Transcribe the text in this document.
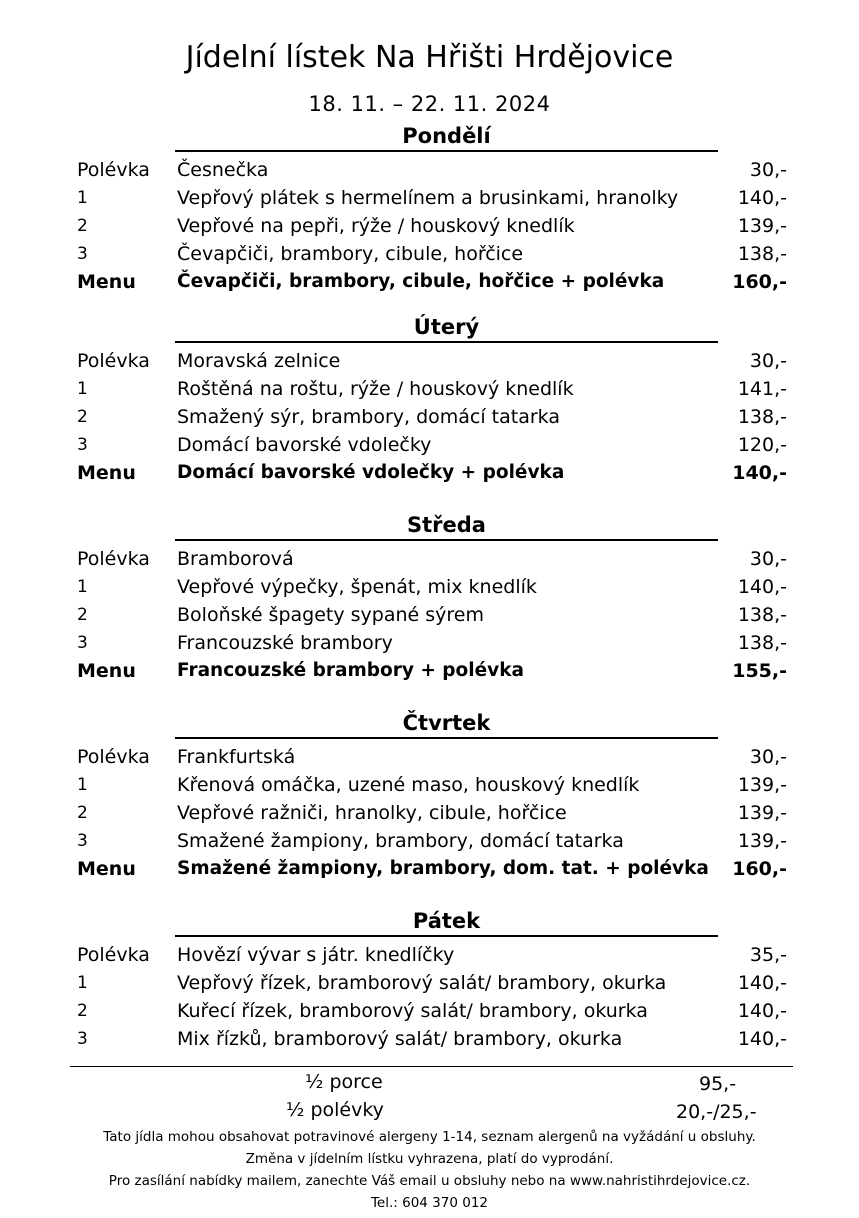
Jídelní lístek Na Hřišti Hrdějovice
18. 11. – 22. 11. 2024
Pondělí
Polévka Česnečka	30,-
1	Vepřový plátek s hermelínem a brusinkami, hranolky	140,-
2	Vepřové na pepři, rýže / houskový knedlík	139,-
3	Čevapčiči, brambory, cibule, hořčice	138,-
Menu Čevapčiči, brambory, cibule, hořčice + polévka	160,-
Úterý
Polévka Moravská zelnice	30,-
1	Roštěná na roštu, rýže / houskový knedlík	141,-
2	Smažený sýr, brambory, domácí tatarka	138,-
3	Domácí bavorské vdolečky	120,-
Menu Domácí bavorské vdolečky + polévka	140,-
Středa
Polévka Bramborová	30,-
1	Vepřové výpečky, špenát, mix knedlík	140,-
2	Boloňské špagety sypané sýrem	138,-
3	Francouzské brambory	138,-
Menu Francouzské brambory + polévka	155,-
Čtvrtek
Polévka Frankfurtská	30,-
1	Křenová omáčka, uzené maso, houskový knedlík	139,-
2	Vepřové ražniči, hranolky, cibule, hořčice	139,-
3	Smažené žampiony, brambory, domácí tatarka	139,-
Menu Smažené žampiony, brambory, dom. tat. + polévka 160,-
Pátek
Polévka Hovězí vývar s játr. knedlíčky	35,-
1	Vepřový řízek, bramborový salát/ brambory, okurka	140,-
2	Kuřecí řízek, bramborový salát/ brambory, okurka	140,-
3	Mix řízků, bramborový salát/ brambory, okurka	140,-
½ porce	95,-
½ polévky	20,-/25,-
Tato jídla mohou obsahovat potravinové alergeny 1-14, seznam alergenů na vyžádání u obsluhy.
Změna v jídelním lístku vyhrazena, platí do vyprodání.
Pro zasílání nabídky mailem, zanechte Váš email u obsluhy nebo na www.nahristihrdejovice.cz.
Tel.: 604 370 012
